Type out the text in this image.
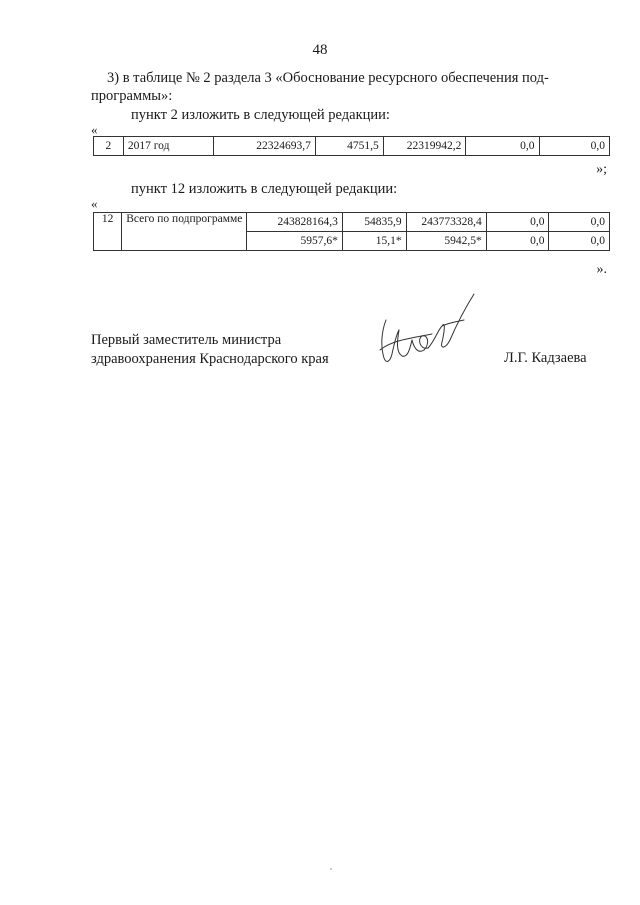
48
3) в таблице № 2 раздела 3 «Обоснование ресурсного обеспечения под-
программы»:
пункт 2 изложить в следующей редакции:
«
2	2017 год	22324693,7	4751,5	22319942,2	0,0	0,0
»;
пункт 12 изложить в следующей редакции:
«
12	Всего по подпрограмме	243828164,3	54835,9	243773328,4	0,0	0,0
		5957,6*	15,1*	5942,5*	0,0	0,0
».
Первый заместитель министра
здравоохранения Краснодарского края	Л.Г. Кадзаева
